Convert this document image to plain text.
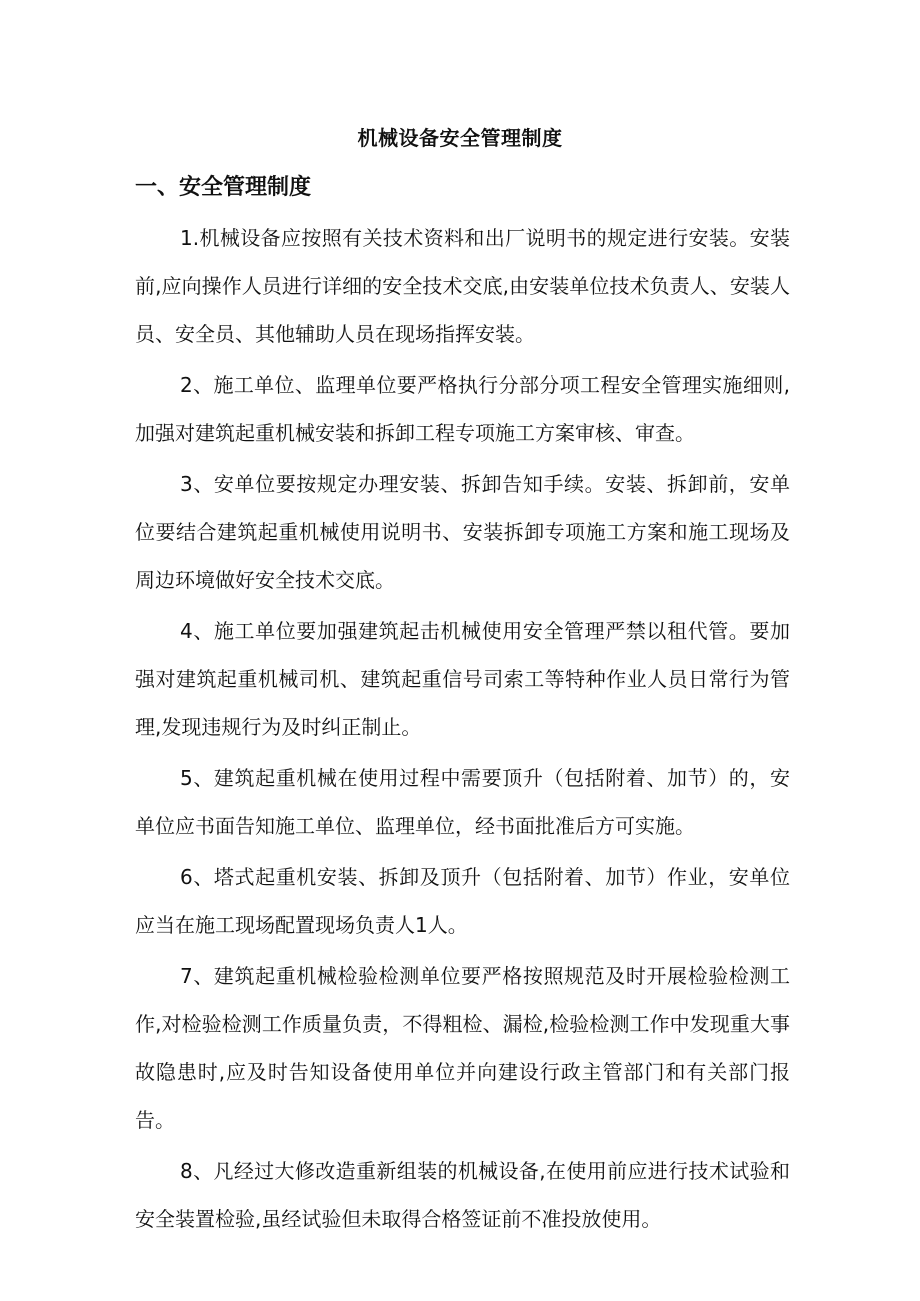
机械设备安全管理制度
一、安全管理制度

1.机械设备应按照有关技术资料和出厂说明书的规定进行安装。安装前,应向操作人员进行详细的安全技术交底,由安装单位技术负责人、安装人员、安全员、其他辅助人员在现场指挥安装。

2、施工单位、监理单位要严格执行分部分项工程安全管理实施细则,加强对建筑起重机械安装和拆卸工程专项施工方案审核、审查。

3、安单位要按规定办理安装、拆卸告知手续。安装、拆卸前，安单位要结合建筑起重机械使用说明书、安装拆卸专项施工方案和施工现场及周边环境做好安全技术交底。

4、施工单位要加强建筑起击机械使用安全管理严禁以租代管。要加强对建筑起重机械司机、建筑起重信号司索工等特种作业人员日常行为管理,发现违规行为及时纠正制止。

5、建筑起重机械在使用过程中需要顶升（包括附着、加节）的，安单位应书面告知施工单位、监理单位，经书面批准后方可实施。

6、塔式起重机安装、拆卸及顶升（包括附着、加节）作业，安单位应当在施工现场配置现场负责人1人。

7、建筑起重机械检验检测单位要严格按照规范及时开展检验检测工作,对检验检测工作质量负责，不得粗检、漏检,检验检测工作中发现重大事故隐患时,应及时告知设备使用单位并向建设行政主管部门和有关部门报告。

8、凡经过大修改造重新组装的机械设备,在使用前应进行技术试验和安全装置检验,虽经试验但未取得合格签证前不准投放使用。
